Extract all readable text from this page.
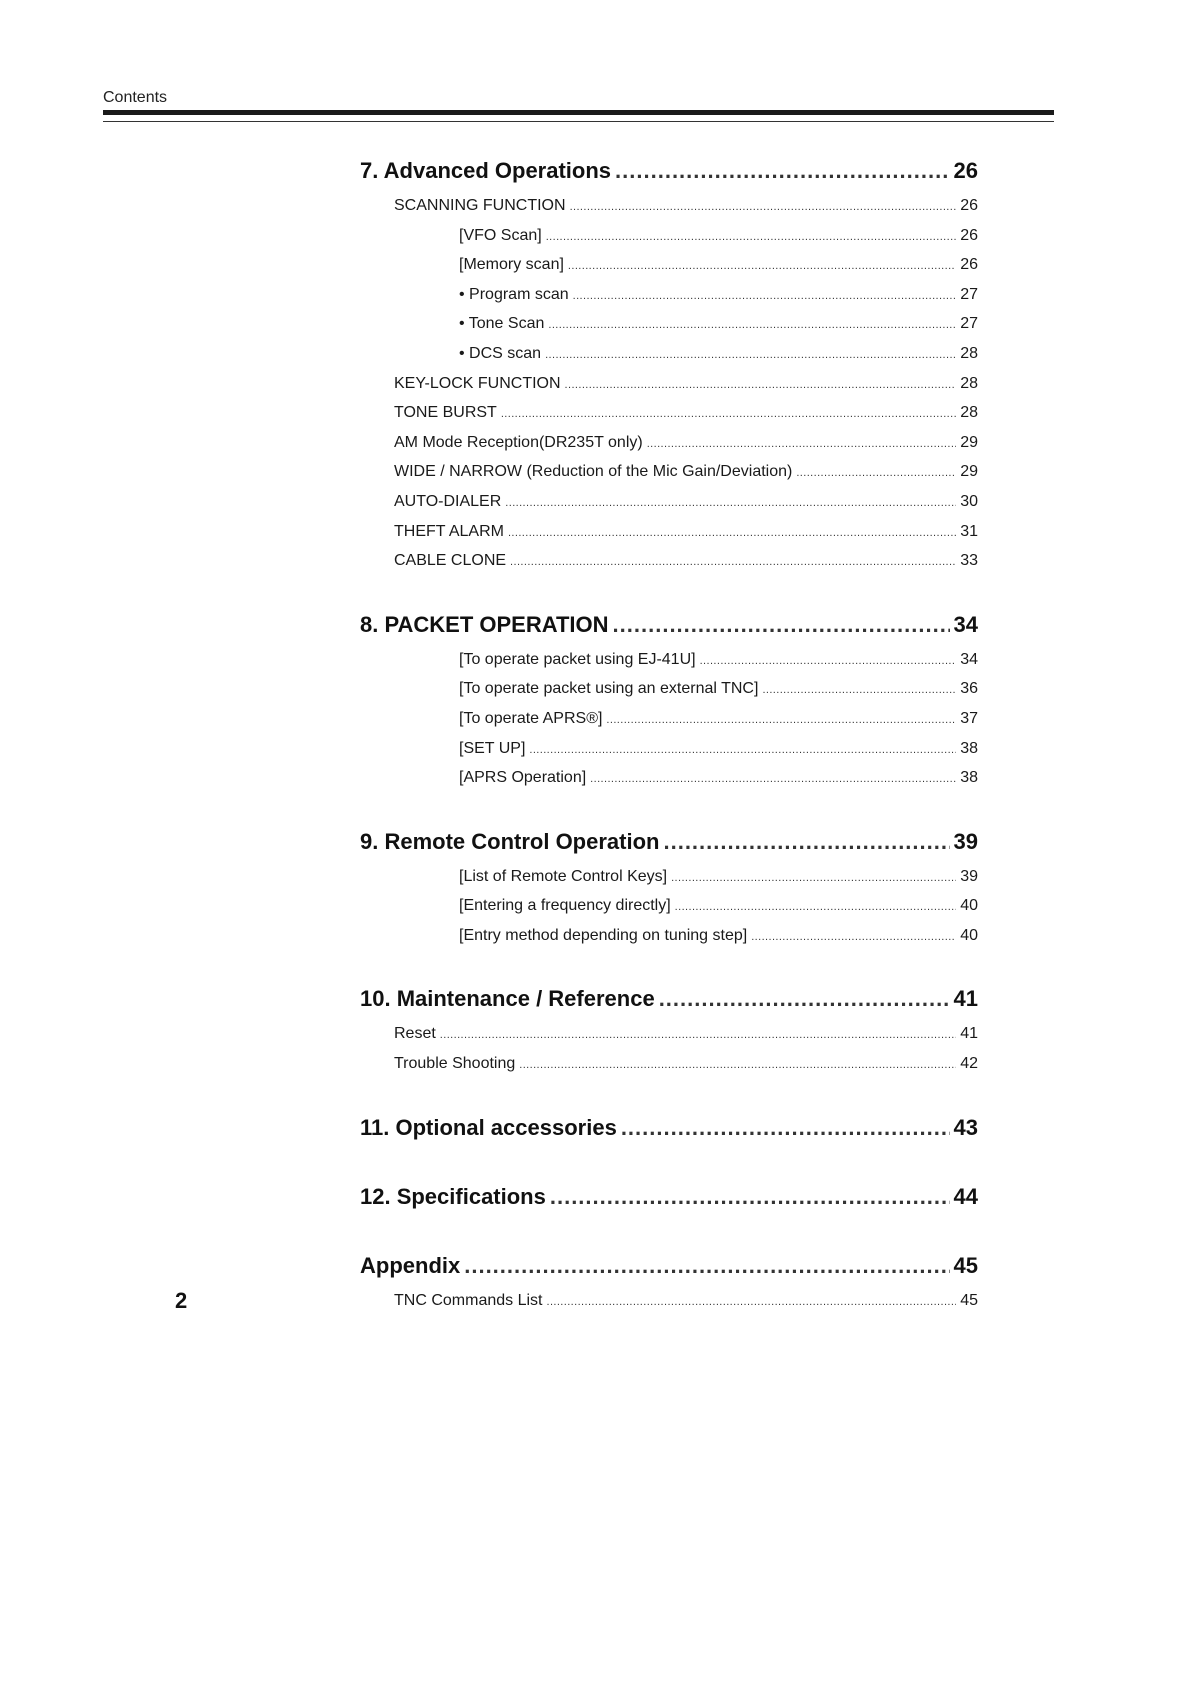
Contents
7. Advanced Operations .....	26
SCANNING FUNCTION .....	26
[VFO Scan] .....	26
[Memory scan] .....	26
• Program scan .....	27
• Tone Scan .....	27
• DCS scan .....	28
KEY-LOCK FUNCTION .....	28
TONE BURST .....	28
AM Mode Reception(DR235T only) .....	29
WIDE / NARROW (Reduction of the Mic Gain/Deviation) .....	29
AUTO-DIALER .....	30
THEFT ALARM .....	31
CABLE CLONE .....	33
8. PACKET OPERATION .....	34
[To operate packet using EJ-41U] .....	34
[To operate packet using an external TNC] .....	36
[To operate APRS®] .....	37
[SET UP] .....	38
[APRS Operation] .....	38
9. Remote Control Operation .....	39
[List of Remote Control Keys] .....	39
[Entering a frequency directly] .....	40
[Entry method depending on tuning step] .....	40
10. Maintenance / Reference .....	41
Reset .....	41
Trouble Shooting .....	42
11. Optional accessories .....	43
12. Specifications .....	44
Appendix .....	45
TNC Commands List .....	45
2
